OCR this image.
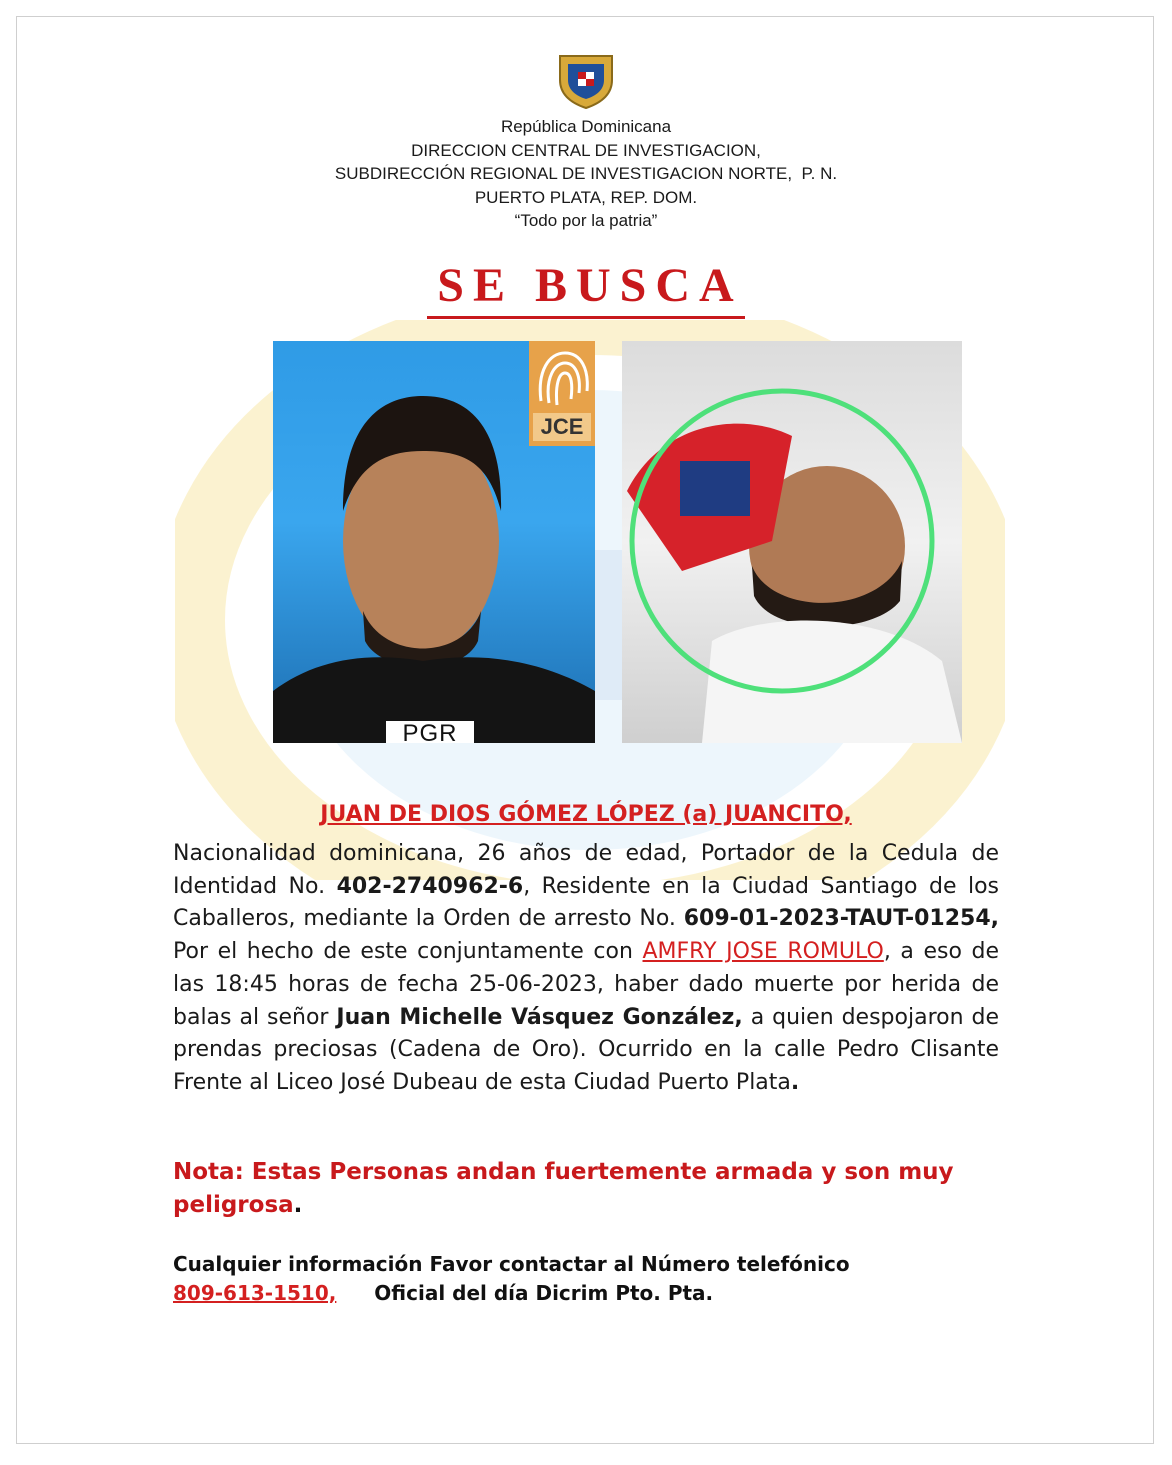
República Dominicana
DIRECCION CENTRAL DE INVESTIGACION,
SUBDIRECCIÓN REGIONAL DE INVESTIGACION NORTE,  P. N.
PUERTO PLATA, REP. DOM.
“Todo por la patria”
SE BUSCA
JCE
PGR
JUAN DE DIOS GÓMEZ LÓPEZ (a) JUANCITO,
Nacionalidad dominicana, 26 años de edad, Portador de la Cedula de Identidad No. 402-2740962-6, Residente en la Ciudad Santiago de los Caballeros, mediante la Orden de arresto No. 609-01-2023-TAUT-01254, Por el hecho de este conjuntamente con AMFRY JOSE ROMULO, a eso de las 18:45 horas de fecha 25-06-2023, haber dado muerte por herida de balas al señor Juan Michelle Vásquez González, a quien despojaron de prendas preciosas (Cadena de Oro). Ocurrido en la calle Pedro Clisante Frente al Liceo José Dubeau de esta Ciudad Puerto Plata.
Nota: Estas Personas andan fuertemente armada y son muy peligrosa.
Cualquier información Favor contactar al Número telefónico
809-613-1510, Oficial del día Dicrim Pto. Pta.
